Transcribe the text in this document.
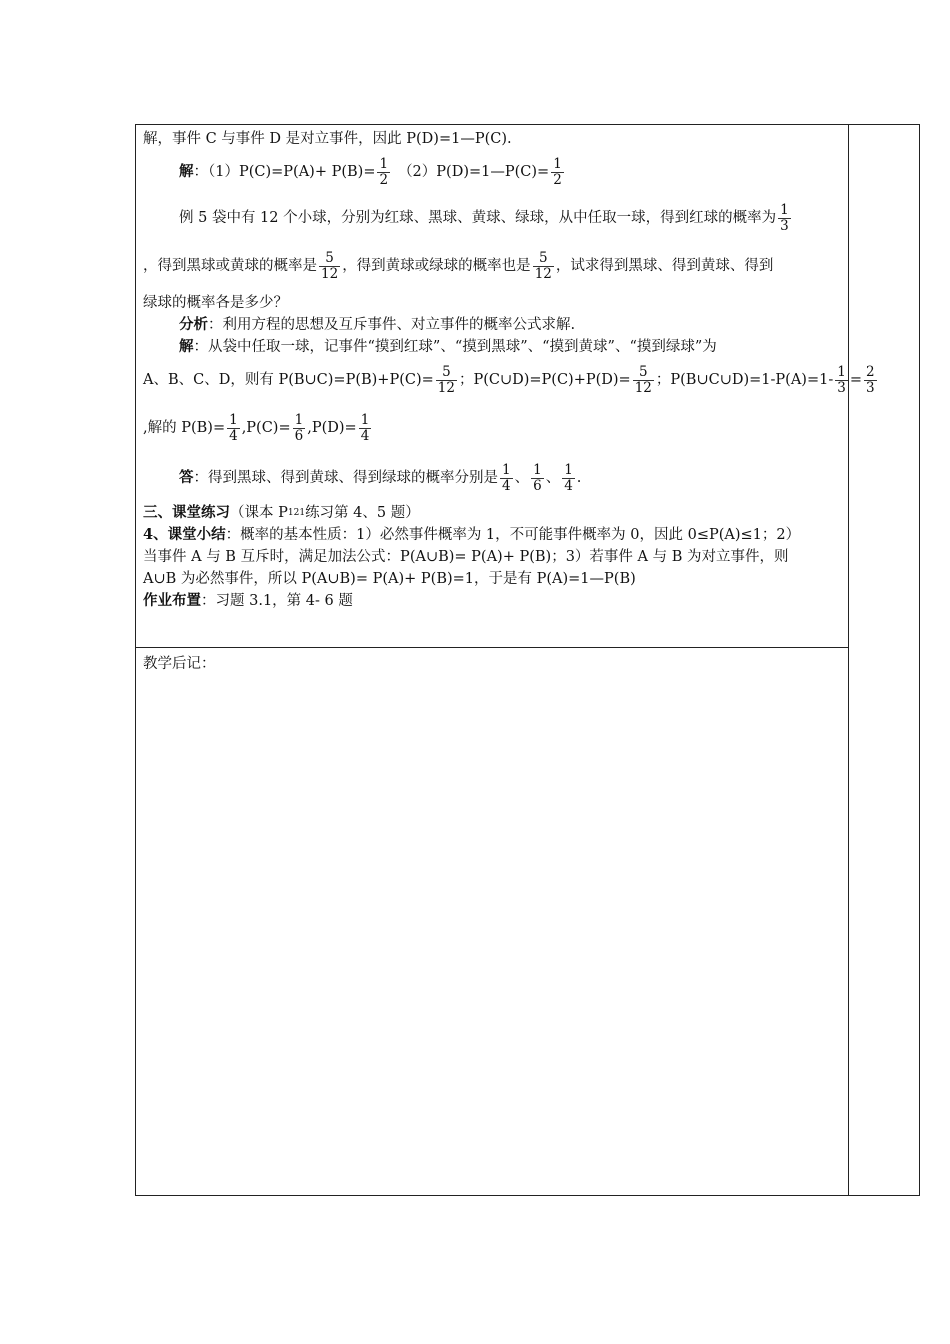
解，事件 C 与事件 D 是对立事件，因此 P(D)=1—P(C).
解 ：$(1)P(C)=P(A)+ P(B)= \frac{1}{2}$ （2）P(D)=1—P(C)= $\frac{1}{2}$
例 5 袋中有 12 个小球，分别为红球、黑球、黄球、绿球，从中任取一球，得到红球的概率为 $\frac{1}{3}$
，得到黑球或黄球的概率是 $\frac{5}{12}$ ，得到黄球或绿球的概率也是 $\frac{5}{12}$ ，试求得到黑球、得到黄球、得到
绿球的概率各是多少？
分析 ：利用方程的思想及互斥事件、对立事件的概率公式求解.
解 ：从袋中任取一球，记事件“摸到红球”、“摸到黑球”、“摸到黄球”、“摸到绿球”为
A、B、C、D，则有 P(B∪C)=P(B)+P(C)= $\frac{5}{12}$ ；P(C∪D)=P(C)+P(D)= $\frac{5}{12}$ ；P(B∪C∪D)=1-P(A)=1- $\frac{1}{3} = \frac{2}{3}$
,解的 $P(B)= \frac{1}{4} ,P(C)= \frac{1}{6} ,P(D)= \frac{1}{4}$
答 ：得到黑球、得到黄球、得到绿球的概率分别是 $\frac{1}{4}$ 、 $\frac{1}{6}$ 、 $\frac{1}{4}$ .
三、课堂练习 （课本 P 121 练习第 4、5 题）
4、课堂小结 ：概率的基本性质：1）必然事件概率为 1，不可能事件概率为 0，因此 0≤P(A)≤1；2）
当事件 A 与 B 互斥时，满足加法公式：P(A∪B)= P(A)+ P(B)；3）若事件 A 与 B 为对立事件，则
A∪B 为必然事件，所以 P(A∪B)= P(A)+ P(B)=1，于是有 P(A)=1—P(B)
作业布置 ：习题 3.1，第 4- 6 题
教学后记：
